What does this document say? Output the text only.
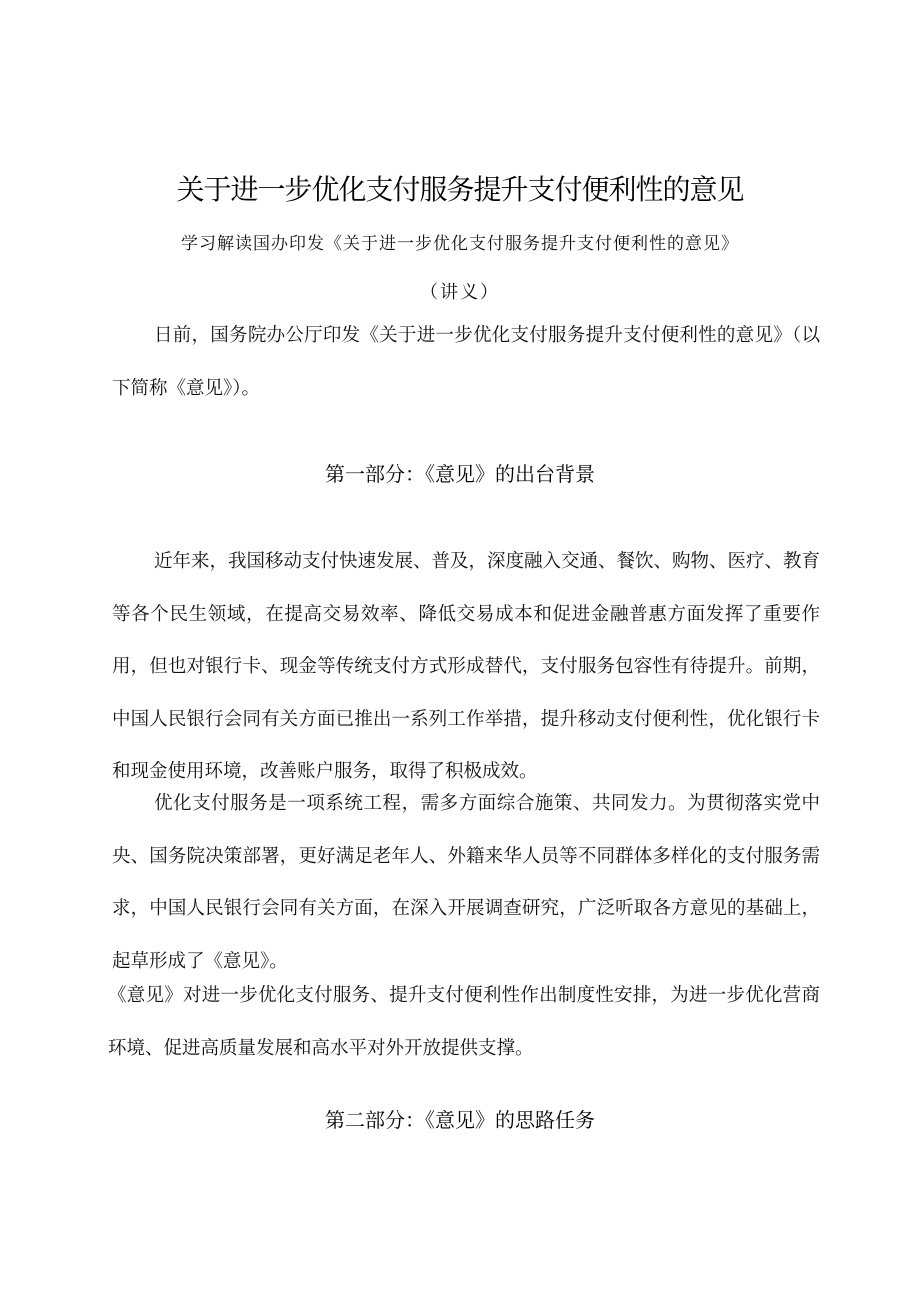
关于进一步优化支付服务提升支付便利性的意见
学习解读国办印发《关于进一步优化支付服务提升支付便利性的意见》
（讲义）

日前，国务院办公厅印发《关于进一步优化支付服务提升支付便利性的意见》（以下简称《意见》）。

第一部分：《意见》的出台背景

近年来，我国移动支付快速发展、普及，深度融入交通、餐饮、购物、医疗、教育等各个民生领域，在提高交易效率、降低交易成本和促进金融普惠方面发挥了重要作用，但也对银行卡、现金等传统支付方式形成替代，支付服务包容性有待提升。前期，中国人民银行会同有关方面已推出一系列工作举措，提升移动支付便利性，优化银行卡和现金使用环境，改善账户服务，取得了积极成效。

优化支付服务是一项系统工程，需多方面综合施策、共同发力。为贯彻落实党中央、国务院决策部署，更好满足老年人、外籍来华人员等不同群体多样化的支付服务需求，中国人民银行会同有关方面，在深入开展调查研究，广泛听取各方意见的基础上，起草形成了《意见》。

《意见》对进一步优化支付服务、提升支付便利性作出制度性安排，为进一步优化营商环境、促进高质量发展和高水平对外开放提供支撑。

第二部分：《意见》的思路任务
